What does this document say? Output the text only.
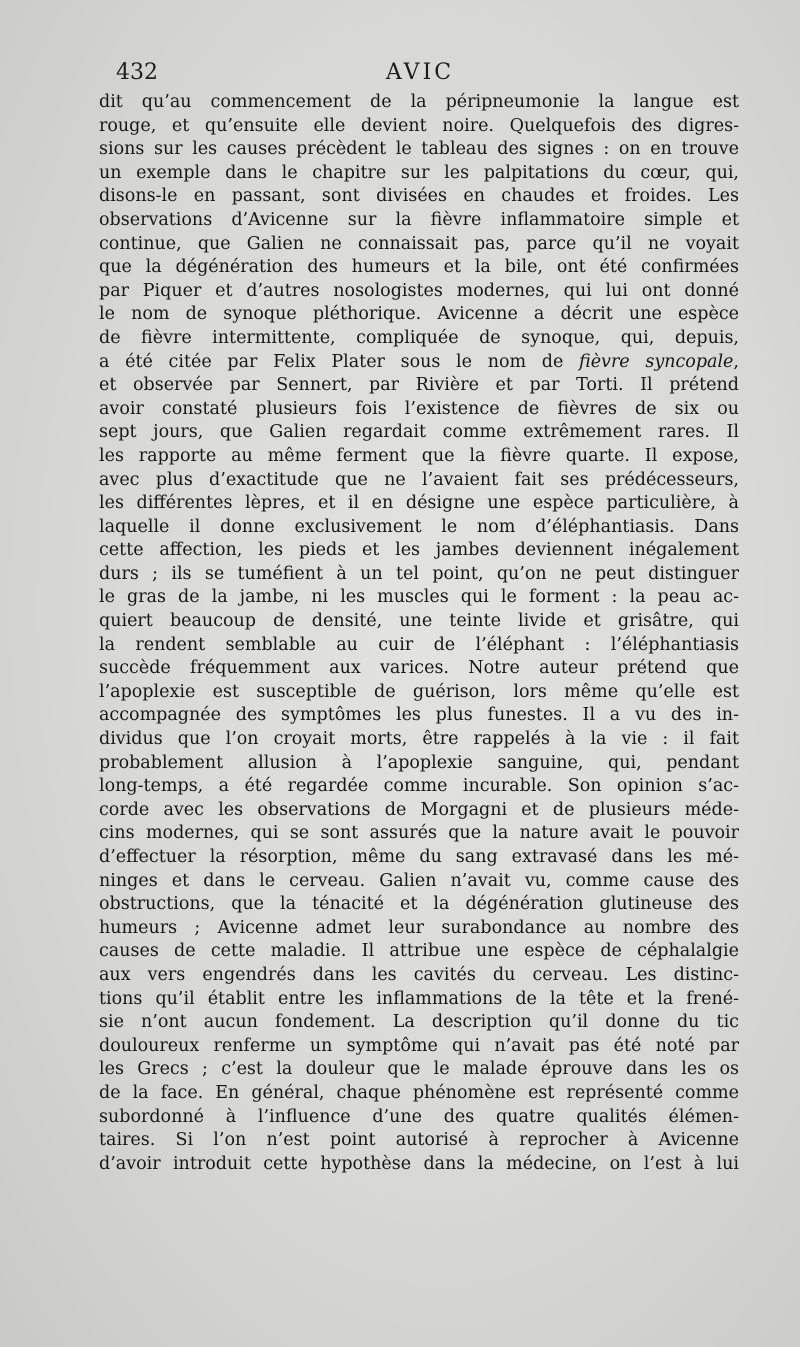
432	AVIC
dit qu’au commencement de la péripneumonie la langue est
rouge, et qu’ensuite elle devient noire. Quelquefois des digres-
sions sur les causes précèdent le tableau des signes : on en trouve
un exemple dans le chapitre sur les palpitations du cœur, qui,
disons-le en passant, sont divisées en chaudes et froides. Les
observations d’Avicenne sur la fièvre inflammatoire simple et
continue, que Galien ne connaissait pas, parce qu’il ne voyait
que la dégénération des humeurs et la bile, ont été confirmées
par Piquer et d’autres nosologistes modernes, qui lui ont donné
le nom de synoque pléthorique. Avicenne a décrit une espèce
de fièvre intermittente, compliquée de synoque, qui, depuis,
a été citée par Felix Plater sous le nom de fièvre syncopale,
et observée par Sennert, par Rivière et par Torti. Il prétend
avoir constaté plusieurs fois l’existence de fièvres de six ou
sept jours, que Galien regardait comme extrêmement rares. Il
les rapporte au même ferment que la fièvre quarte. Il expose,
avec plus d’exactitude que ne l’avaient fait ses prédécesseurs,
les différentes lèpres, et il en désigne une espèce particulière, à
laquelle il donne exclusivement le nom d’éléphantiasis. Dans
cette affection, les pieds et les jambes deviennent inégalement
durs ; ils se tuméfient à un tel point, qu’on ne peut distinguer
le gras de la jambe, ni les muscles qui le forment : la peau ac-
quiert beaucoup de densité, une teinte livide et grisâtre, qui
la rendent semblable au cuir de l’éléphant : l’éléphantiasis
succède fréquemment aux varices. Notre auteur prétend que
l’apoplexie est susceptible de guérison, lors même qu’elle est
accompagnée des symptômes les plus funestes. Il a vu des in-
dividus que l’on croyait morts, être rappelés à la vie : il fait
probablement allusion à l’apoplexie sanguine, qui, pendant
long-temps, a été regardée comme incurable. Son opinion s’ac-
corde avec les observations de Morgagni et de plusieurs méde-
cins modernes, qui se sont assurés que la nature avait le pouvoir
d’effectuer la résorption, même du sang extravasé dans les mé-
ninges et dans le cerveau. Galien n’avait vu, comme cause des
obstructions, que la ténacité et la dégénération glutineuse des
humeurs ; Avicenne admet leur surabondance au nombre des
causes de cette maladie. Il attribue une espèce de céphalalgie
aux vers engendrés dans les cavités du cerveau. Les distinc-
tions qu’il établit entre les inflammations de la tête et la frené-
sie n’ont aucun fondement. La description qu’il donne du tic
douloureux renferme un symptôme qui n’avait pas été noté par
les Grecs ; c’est la douleur que le malade éprouve dans les os
de la face. En général, chaque phénomène est représenté comme
subordonné à l’influence d’une des quatre qualités élémen-
taires. Si l’on n’est point autorisé à reprocher à Avicenne
d’avoir introduit cette hypothèse dans la médecine, on l’est à lui
